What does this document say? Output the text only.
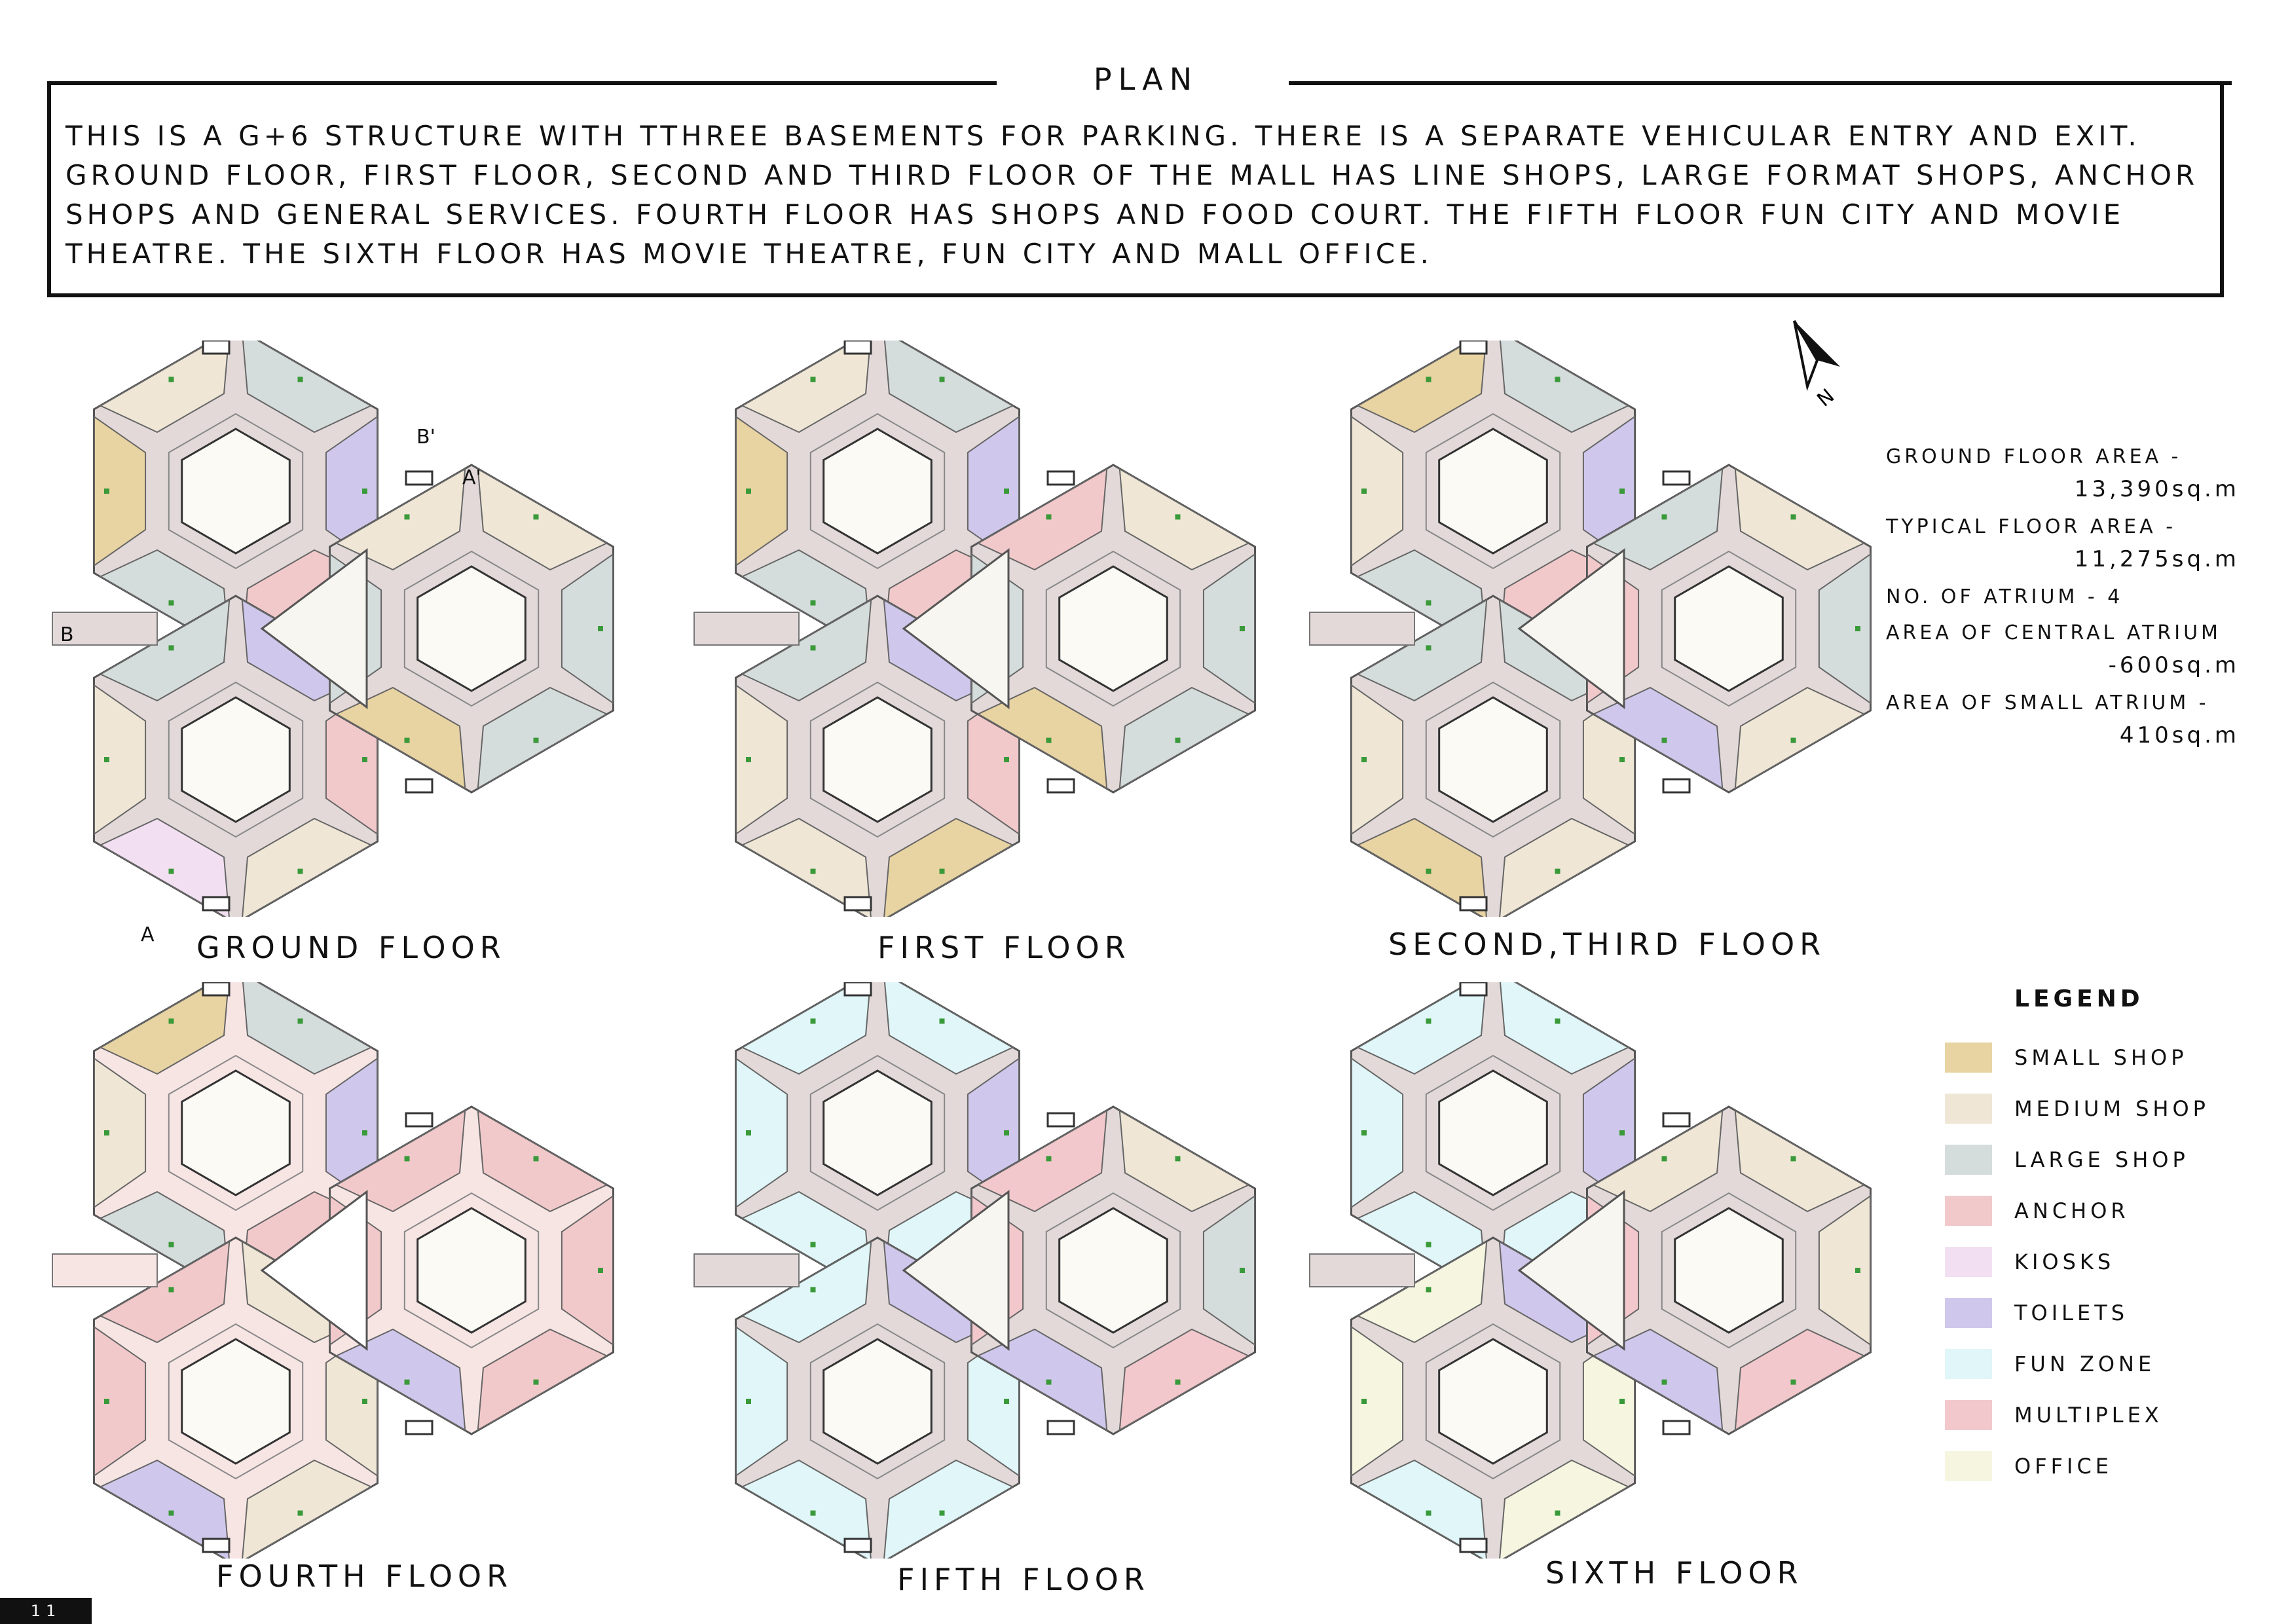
PLAN
THIS IS A G+6 STRUCTURE WITH TTHREE BASEMENTS FOR PARKING. THERE IS A SEPARATE VEHICULAR ENTRY AND EXIT. GROUND FLOOR, FIRST FLOOR, SECOND AND THIRD FLOOR OF THE MALL HAS LINE SHOPS, LARGE FORMAT SHOPS, ANCHOR SHOPS AND GENERAL SERVICES. FOURTH FLOOR HAS SHOPS AND FOOD COURT. THE FIFTH FLOOR FUN CITY AND MOVIE THEATRE. THE SIXTH FLOOR HAS MOVIE THEATRE, FUN CITY AND MALL OFFICE.
N
GROUND FLOOR	FIRST FLOOR	SECOND,THIRD FLOOR
FOURTH FLOOR	FIFTH FLOOR	SIXTH FLOOR
A
B
A'
B'
GROUND FLOOR AREA -
13,390sq.m
TYPICAL FLOOR AREA -
11,275sq.m
NO. OF ATRIUM - 4
AREA OF CENTRAL ATRIUM
-600sq.m
AREA OF SMALL ATRIUM -
410sq.m
LEGEND
SMALL SHOP
MEDIUM SHOP
LARGE SHOP
ANCHOR
KIOSKS
TOILETS
FUN ZONE
MULTIPLEX
OFFICE
11
